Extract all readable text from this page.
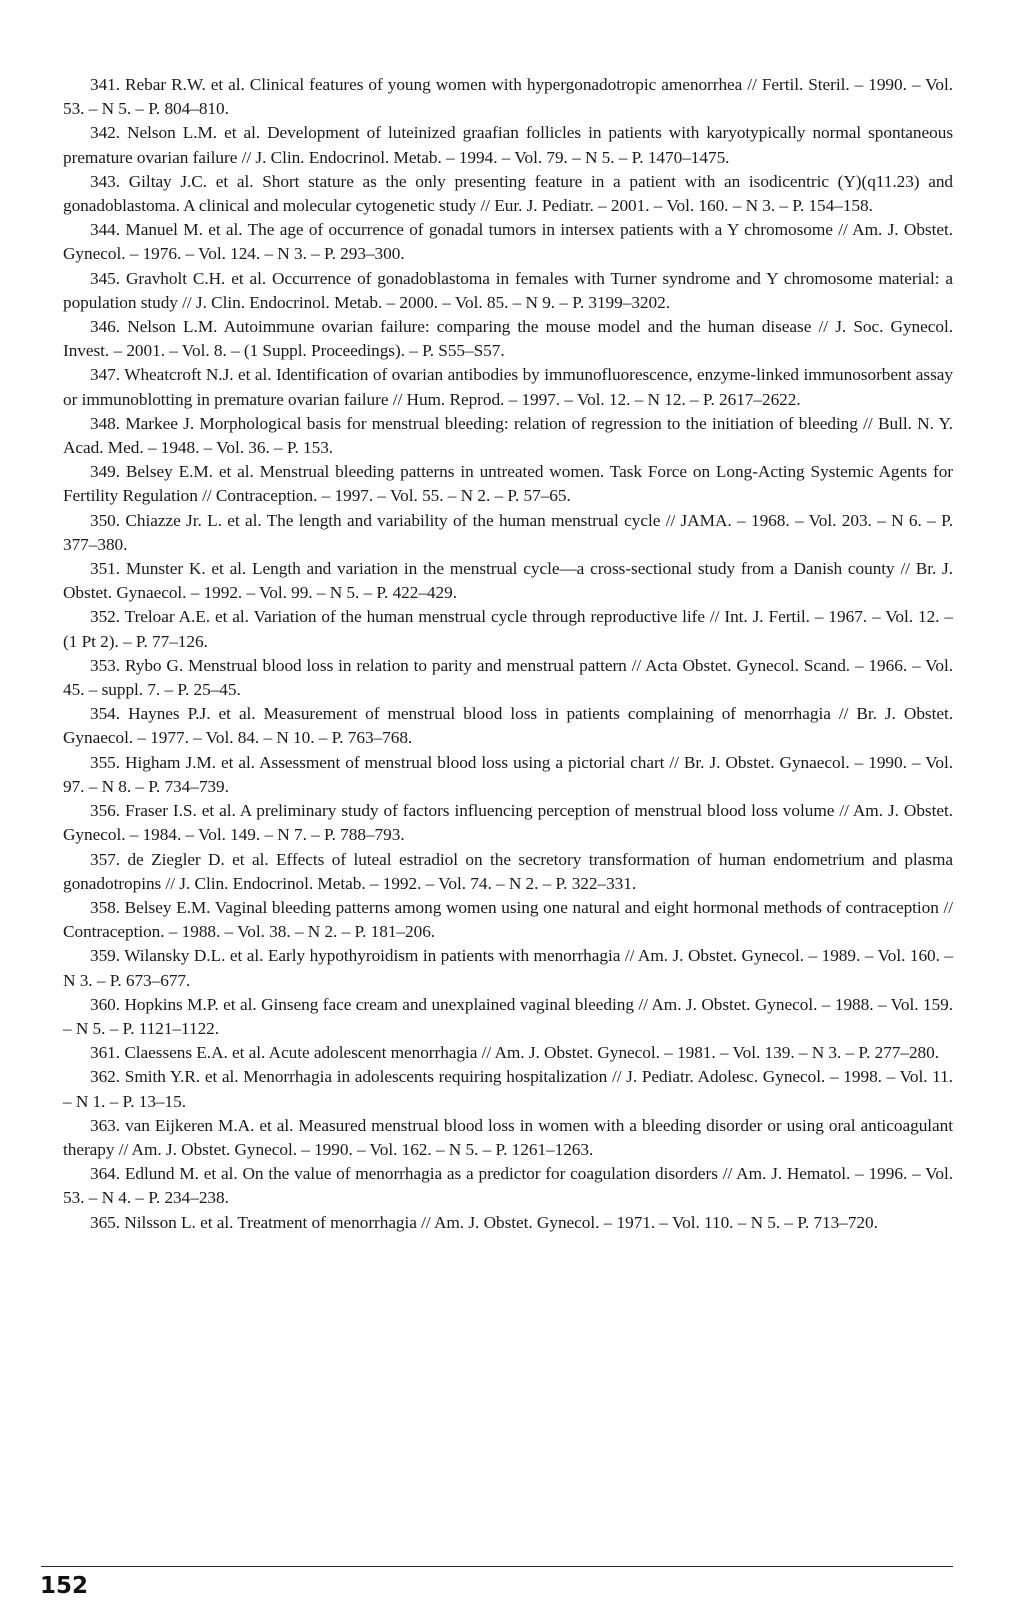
341. Rebar R.W. et al. Clinical features of young women with hypergonadotropic amenorrhea // Fertil. Steril. – 1990. – Vol. 53. – N 5. – P. 804–810.

342. Nelson L.M. et al. Development of luteinized graafian follicles in patients with karyotypically normal spontaneous premature ovarian failure // J. Clin. Endocrinol. Metab. – 1994. – Vol. 79. – N 5. – P. 1470–1475.

343. Giltay J.C. et al. Short stature as the only presenting feature in a patient with an isodicentric (Y)(q11.23) and gonadoblastoma. A clinical and molecular cytogenetic study // Eur. J. Pediatr. – 2001. – Vol. 160. – N 3. – P. 154–158.

344. Manuel M. et al. The age of occurrence of gonadal tumors in intersex patients with a Y chromosome // Am. J. Obstet. Gynecol. – 1976. – Vol. 124. – N 3. – P. 293–300.

345. Gravholt C.H. et al. Occurrence of gonadoblastoma in females with Turner syndrome and Y chromosome material: a population study // J. Clin. Endocrinol. Metab. – 2000. – Vol. 85. – N 9. – P. 3199–3202.

346. Nelson L.M. Autoimmune ovarian failure: comparing the mouse model and the human disease // J. Soc. Gynecol. Invest. – 2001. – Vol. 8. – (1 Suppl. Proceedings). – P. S55–S57.

347. Wheatcroft N.J. et al. Identification of ovarian antibodies by immunofluorescence, enzyme-linked immunosorbent assay or immunoblotting in premature ovarian failure // Hum. Reprod. – 1997. – Vol. 12. – N 12. – P. 2617–2622.

348. Markee J. Morphological basis for menstrual bleeding: relation of regression to the initiation of bleeding // Bull. N. Y. Acad. Med. – 1948. – Vol. 36. – P. 153.

349. Belsey E.M. et al. Menstrual bleeding patterns in untreated women. Task Force on Long-Acting Systemic Agents for Fertility Regulation // Contraception. – 1997. – Vol. 55. – N 2. – P. 57–65.

350. Chiazze Jr. L. et al. The length and variability of the human menstrual cycle // JAMA. – 1968. – Vol. 203. – N 6. – P. 377–380.

351. Munster K. et al. Length and variation in the menstrual cycle—a cross-sectional study from a Danish county // Br. J. Obstet. Gynaecol. – 1992. – Vol. 99. – N 5. – P. 422–429.

352. Treloar A.E. et al. Variation of the human menstrual cycle through reproductive life // Int. J. Fertil. – 1967. – Vol. 12. – (1 Pt 2). – P. 77–126.

353. Rybo G. Menstrual blood loss in relation to parity and menstrual pattern // Acta Obstet. Gynecol. Scand. – 1966. – Vol. 45. – suppl. 7. – P. 25–45.

354. Haynes P.J. et al. Measurement of menstrual blood loss in patients complaining of menorrhagia // Br. J. Obstet. Gynaecol. – 1977. – Vol. 84. – N 10. – P. 763–768.

355. Higham J.M. et al. Assessment of menstrual blood loss using a pictorial chart // Br. J. Obstet. Gynaecol. – 1990. – Vol. 97. – N 8. – P. 734–739.

356. Fraser I.S. et al. A preliminary study of factors influencing perception of menstrual blood loss volume // Am. J. Obstet. Gynecol. – 1984. – Vol. 149. – N 7. – P. 788–793.

357. de Ziegler D. et al. Effects of luteal estradiol on the secretory transformation of human endometrium and plasma gonadotropins // J. Clin. Endocrinol. Metab. – 1992. – Vol. 74. – N 2. – P. 322–331.

358. Belsey E.M. Vaginal bleeding patterns among women using one natural and eight hormonal methods of contraception // Contraception. – 1988. – Vol. 38. – N 2. – P. 181–206.

359. Wilansky D.L. et al. Early hypothyroidism in patients with menorrhagia // Am. J. Obstet. Gynecol. – 1989. – Vol. 160. – N 3. – P. 673–677.

360. Hopkins M.P. et al. Ginseng face cream and unexplained vaginal bleeding // Am. J. Obstet. Gynecol. – 1988. – Vol. 159. – N 5. – P. 1121–1122.

361. Claessens E.A. et al. Acute adolescent menorrhagia // Am. J. Obstet. Gynecol. – 1981. – Vol. 139. – N 3. – P. 277–280.

362. Smith Y.R. et al. Menorrhagia in adolescents requiring hospitalization // J. Pediatr. Adolesc. Gynecol. – 1998. – Vol. 11. – N 1. – P. 13–15.

363. van Eijkeren M.A. et al. Measured menstrual blood loss in women with a bleeding disorder or using oral anticoagulant therapy // Am. J. Obstet. Gynecol. – 1990. – Vol. 162. – N 5. – P. 1261–1263.

364. Edlund M. et al. On the value of menorrhagia as a predictor for coagulation disorders // Am. J. Hematol. – 1996. – Vol. 53. – N 4. – P. 234–238.

365. Nilsson L. et al. Treatment of menorrhagia // Am. J. Obstet. Gynecol. – 1971. – Vol. 110. – N 5. – P. 713–720.

152
